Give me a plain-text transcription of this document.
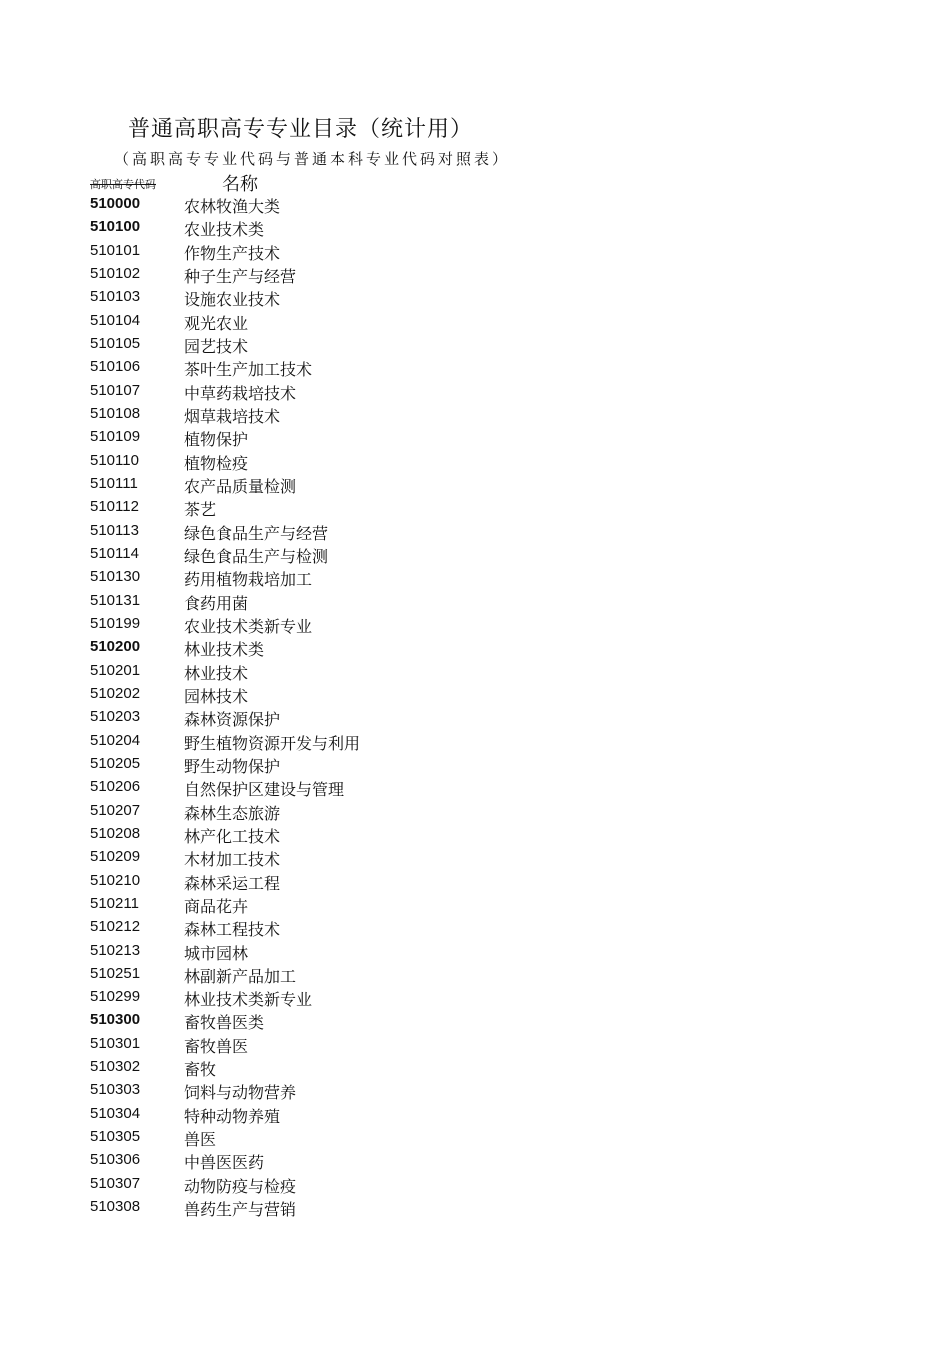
普通高职高专专业目录（统计用）
（高职高专专业代码与普通本科专业代码对照表）
高职高专代码	名称
510000	农林牧渔大类
510100	农业技术类
510101	作物生产技术
510102	种子生产与经营
510103	设施农业技术
510104	观光农业
510105	园艺技术
510106	茶叶生产加工技术
510107	中草药栽培技术
510108	烟草栽培技术
510109	植物保护
510110	植物检疫
510111	农产品质量检测
510112	茶艺
510113	绿色食品生产与经营
510114	绿色食品生产与检测
510130	药用植物栽培加工
510131	食药用菌
510199	农业技术类新专业
510200	林业技术类
510201	林业技术
510202	园林技术
510203	森林资源保护
510204	野生植物资源开发与利用
510205	野生动物保护
510206	自然保护区建设与管理
510207	森林生态旅游
510208	林产化工技术
510209	木材加工技术
510210	森林采运工程
510211	商品花卉
510212	森林工程技术
510213	城市园林
510251	林副新产品加工
510299	林业技术类新专业
510300	畜牧兽医类
510301	畜牧兽医
510302	畜牧
510303	饲料与动物营养
510304	特种动物养殖
510305	兽医
510306	中兽医医药
510307	动物防疫与检疫
510308	兽药生产与营销
